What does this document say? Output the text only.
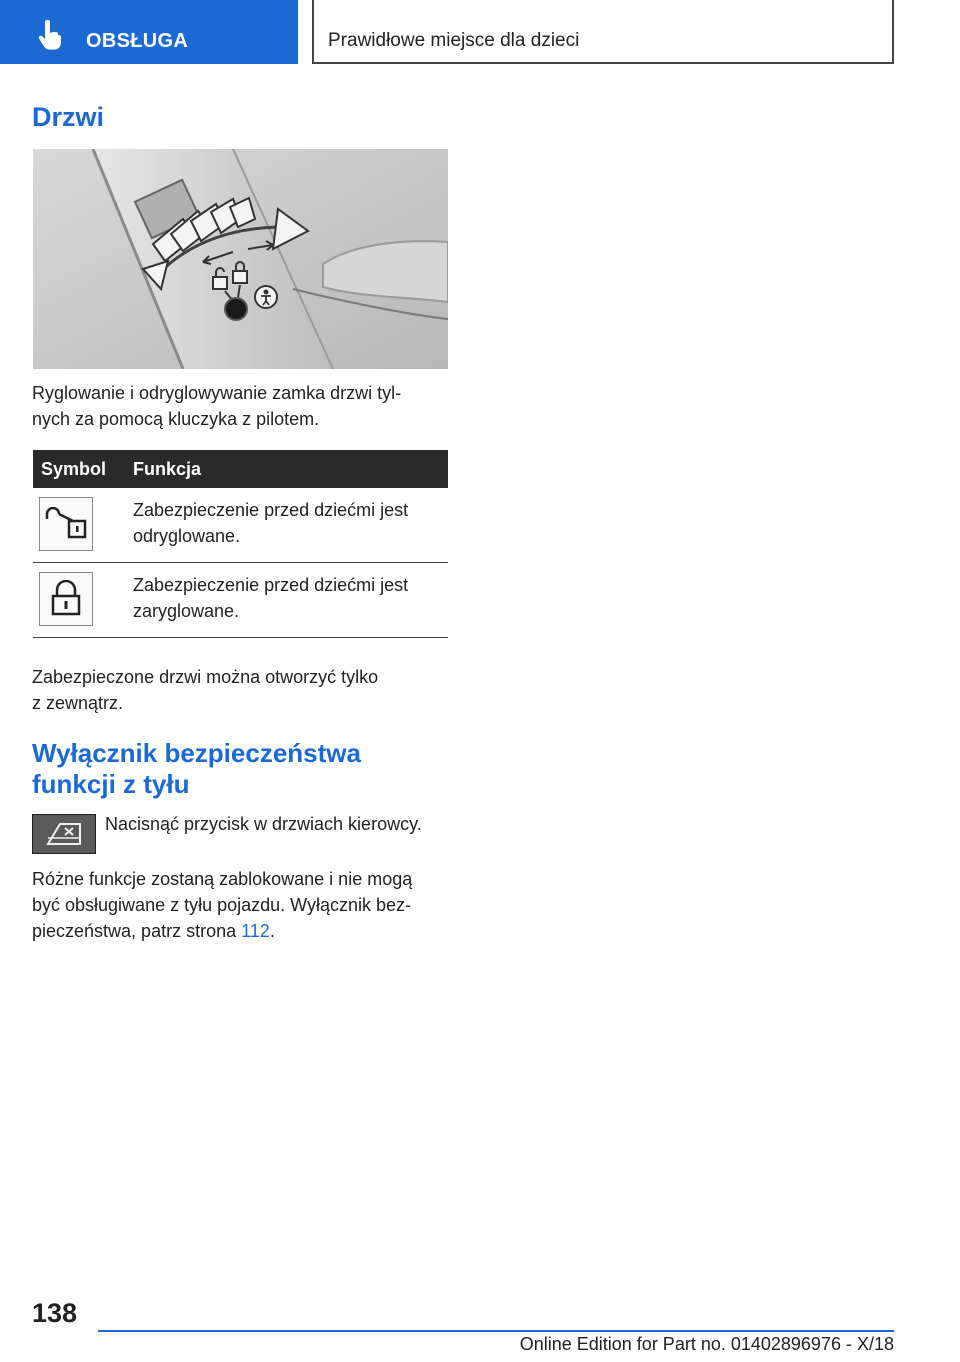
OBSŁUGA	Prawidłowe miejsce dla dzieci
Drzwi

Ryglowanie i odryglowywanie zamka drzwi tyl-
nych za pomocą kluczyka z pilotem.

Symbol	Funkcja

	Zabezpieczenie przed dziećmi jest
odryglowane.

	Zabezpieczenie przed dziećmi jest
zaryglowane.

Zabezpieczone drzwi można otworzyć tylko
z zewnątrz.

Wyłącznik bezpieczeństwa
funkcji z tyłu

Nacisnąć przycisk w drzwiach kierowcy.

Różne funkcje zostaną zablokowane i nie mogą
być obsługiwane z tyłu pojazdu. Wyłącznik bez-
pieczeństwa, patrz strona 112.

138
Online Edition for Part no. 01402896976 - X/18
